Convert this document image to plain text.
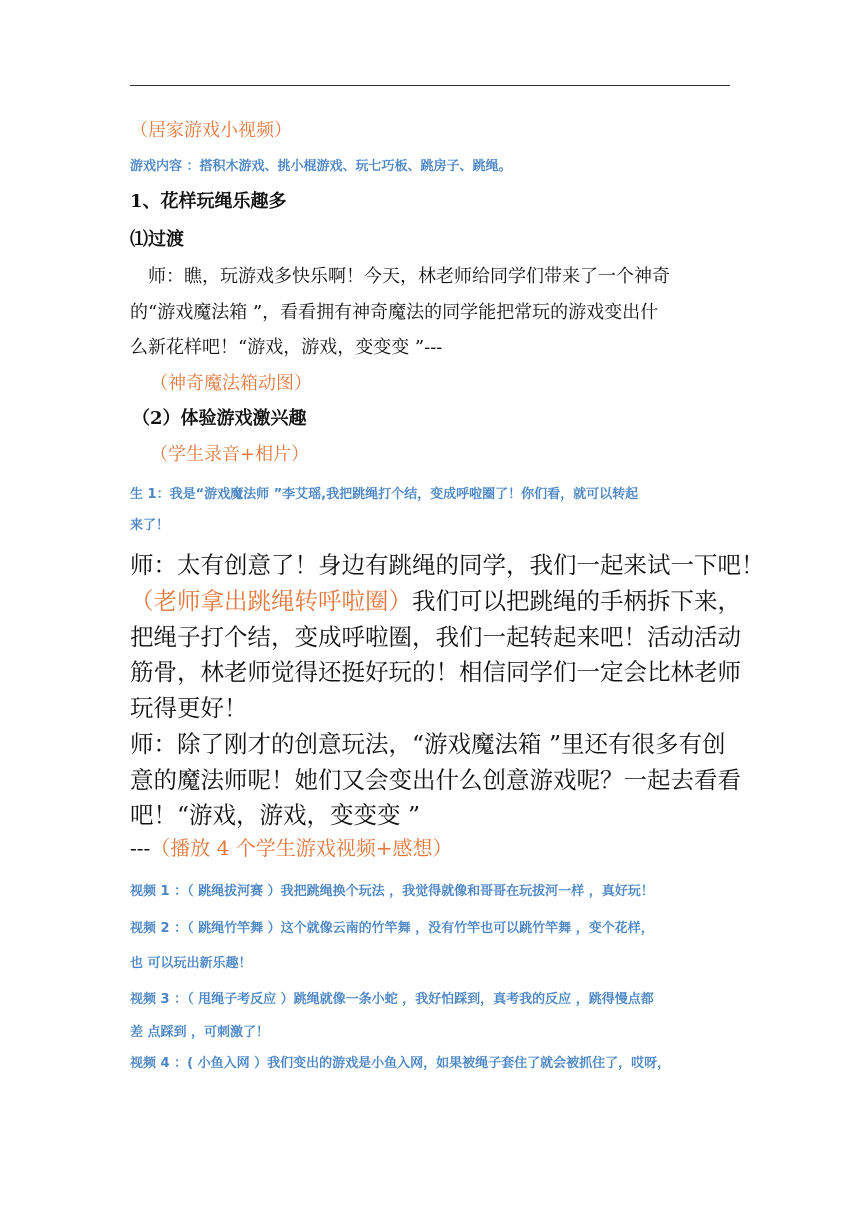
（居家游戏小视频）
游戏内容 ：搭积木游戏、挑小棍游戏、玩七巧板、跳房子、跳绳。
1、花样玩绳乐趣多
⑴过渡
师：瞧，玩游戏多快乐啊！今天，林老师给同学们带来了一个神奇
的“游戏魔法箱 ”，看看拥有神奇魔法的同学能把常玩的游戏变出什
么新花样吧！“游戏，游戏，变变变 ”---
（神奇魔法箱动图）
（2）体验游戏激兴趣
（学生录音+相片）
生 1：我是“游戏魔法师 ”李艾瑶,我把跳绳打个结，变成呼啦圈了！你们看，就可以转起
来了！
师：太有创意了！身边有跳绳的同学，我们一起来试一下吧！
（老师拿出跳绳转呼啦圈）我们可以把跳绳的手柄拆下来，
把绳子打个结，变成呼啦圈，我们一起转起来吧！活动活动
筋骨，林老师觉得还挺好玩的！相信同学们一定会比林老师
玩得更好！
师：除了刚才的创意玩法，“游戏魔法箱 ”里还有很多有创
意的魔法师呢！她们又会变出什么创意游戏呢？一起去看看
吧！“游戏，游戏，变变变 ”
---（播放 4 个学生游戏视频+感想）
视频 1 ：（ 跳绳拔河赛 ）我把跳绳换个玩法 ，我觉得就像和哥哥在玩拔河一样 ，真好玩！
视频 2 ：（ 跳绳竹竿舞 ）这个就像云南的竹竿舞 ，没有竹竿也可以跳竹竿舞 ，变个花样，
也 可以玩出新乐趣！
视频 3 ：（ 甩绳子考反应 ）跳绳就像一条小蛇 ，我好怕踩到，真考我的反应 ，跳得慢点都
差 点踩到 ，可刺激了！
视频 4 ：( 小鱼入网 ）我们变出的游戏是小鱼入网，如果被绳子套住了就会被抓住了，哎呀，
